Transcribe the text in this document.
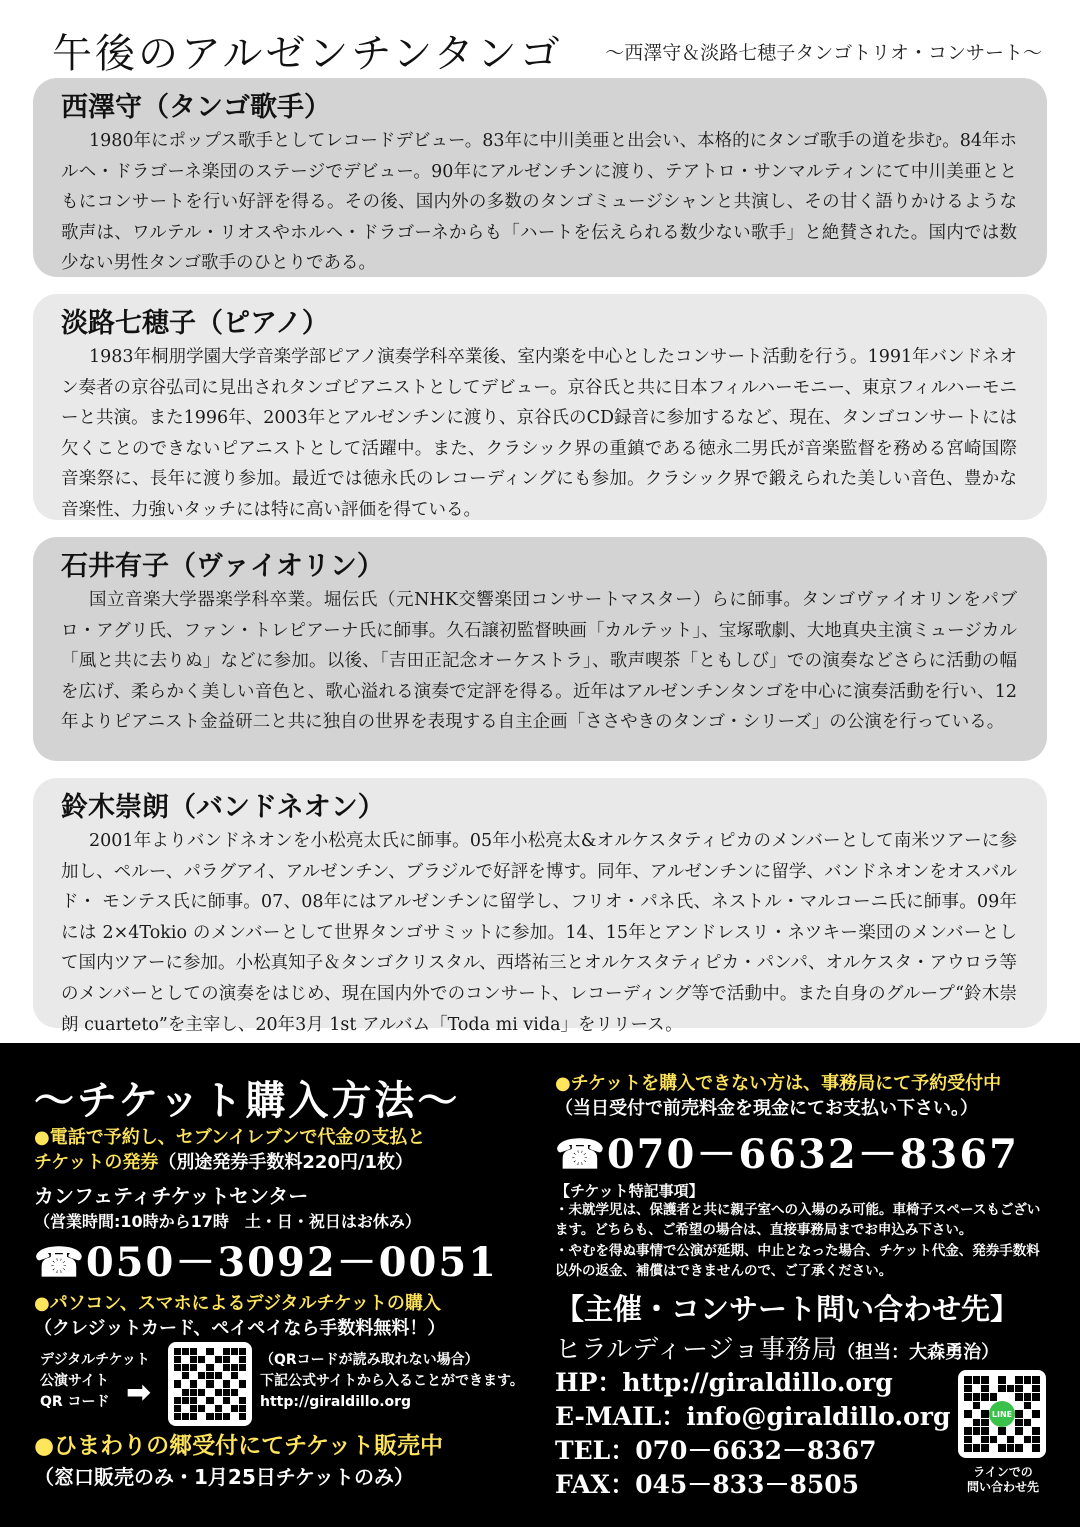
午後のアルゼンチンタンゴ ～西澤守＆淡路七穂子タンゴトリオ・コンサート～
西澤守（タンゴ歌手）

1980年にポップス歌手としてレコードデビュー。83年に中川美亜と出会い、本格的にタンゴ歌手の道を歩む。84年ホルヘ・ドラゴーネ楽団のステージでデビュー。90年にアルゼンチンに渡り、テアトロ・サンマルティンにて中川美亜とともにコンサートを行い好評を得る。その後、国内外の多数のタンゴミュージシャンと共演し、その甘く語りかけるような歌声は、ワルテル・リオスやホルヘ・ドラゴーネからも「ハートを伝えられる数少ない歌手」と絶賛された。国内では数少ない男性タンゴ歌手のひとりである。

淡路七穂子（ピアノ）

1983年桐朋学園大学音楽学部ピアノ演奏学科卒業後、室内楽を中心としたコンサート活動を行う。1991年バンドネオン奏者の京谷弘司に見出されタンゴピアニストとしてデビュー。京谷氏と共に日本フィルハーモニー、東京フィルハーモニーと共演。また1996年、2003年とアルゼンチンに渡り、京谷氏のCD録音に参加するなど、現在、タンゴコンサートには欠くことのできないピアニストとして活躍中。また、クラシック界の重鎮である徳永二男氏が音楽監督を務める宮崎国際音楽祭に、長年に渡り参加。最近では徳永氏のレコーディングにも参加。クラシック界で鍛えられた美しい音色、豊かな音楽性、力強いタッチには特に高い評価を得ている。

石井有子（ヴァイオリン）

国立音楽大学器楽学科卒業。堀伝氏（元NHK交響楽団コンサートマスター）らに師事。タンゴヴァイオリンをパブロ・アグリ氏、ファン・トレピアーナ氏に師事。久石譲初監督映画「カルテット」、宝塚歌劇、大地真央主演ミュージカル「風と共に去りぬ」などに参加。以後、「吉田正記念オーケストラ」、歌声喫茶「ともしび」での演奏などさらに活動の幅を広げ、柔らかく美しい音色と、歌心溢れる演奏で定評を得る。近年はアルゼンチンタンゴを中心に演奏活動を行い、12年よりピアニスト金益研二と共に独自の世界を表現する自主企画「ささやきのタンゴ・シリーズ」の公演を行っている。

鈴木崇朗（バンドネオン）

2001年よりバンドネオンを小松亮太氏に師事。05年小松亮太&オルケスタティピカのメンバーとして南米ツアーに参加し、ペルー、パラグアイ、アルゼンチン、ブラジルで好評を博す。同年、アルゼンチンに留学、バンドネオンをオスバルド・ モンテス氏に師事。07、08年にはアルゼンチンに留学し、フリオ・パネ氏、ネストル・マルコーニ氏に師事。09年には 2×4Tokio のメンバーとして世界タンゴサミットに参加。14、15年とアンドレスリ・ネツキー楽団のメンバーとして国内ツアーに参加。小松真知子＆タンゴクリスタル、西塔祐三とオルケスタティピカ・パンパ、オルケスタ・アウロラ等のメンバーとしての演奏をはじめ、現在国内外でのコンサート、レコーディング等で活動中。また自身のグループ“鈴木崇朗 cuarteto”を主宰し、20年3月 1st アルバム「Toda mi vida」をリリース。

～チケット購入方法～
●電話で予約し、セブンイレブンで代金の支払と
チケットの発券（別途発券手数料220円/1枚）
カンフェティチケットセンター
（営業時間:10時から17時　土・日・祝日はお休み）
☎050－3092－0051
●パソコン、スマホによるデジタルチケットの購入
（クレジットカード、ペイペイなら手数料無料！）
デジタルチケット
公演サイト
QR コード ➡
（QRコードが読み取れない場合）
下記公式サイトから入ることができます。
http://giraldillo.org
●ひまわりの郷受付にてチケット販売中
（窓口販売のみ・1月25日チケットのみ）
●チケットを購入できない方は、事務局にて予約受付中
（当日受付で前売料金を現金にてお支払い下さい。）
☎070－6632－8367
【チケット特記事項】
・未就学児は、保護者と共に親子室への入場のみ可能。車椅子スペースもございます。どちらも、ご希望の場合は、直接事務局までお申込み下さい。
・やむを得ぬ事情で公演が延期、中止となった場合、チケット代金、発券手数料以外の返金、補償はできませんので、ご了承ください。
【主催・コンサート問い合わせ先】
ヒラルディージョ事務局（担当：大森勇治）
HP：http://giraldillo.org
E-MAIL：info@giraldillo.org
TEL：070－6632－8367
FAX：045－833－8505
LINE
ラインでの
問い合わせ先
